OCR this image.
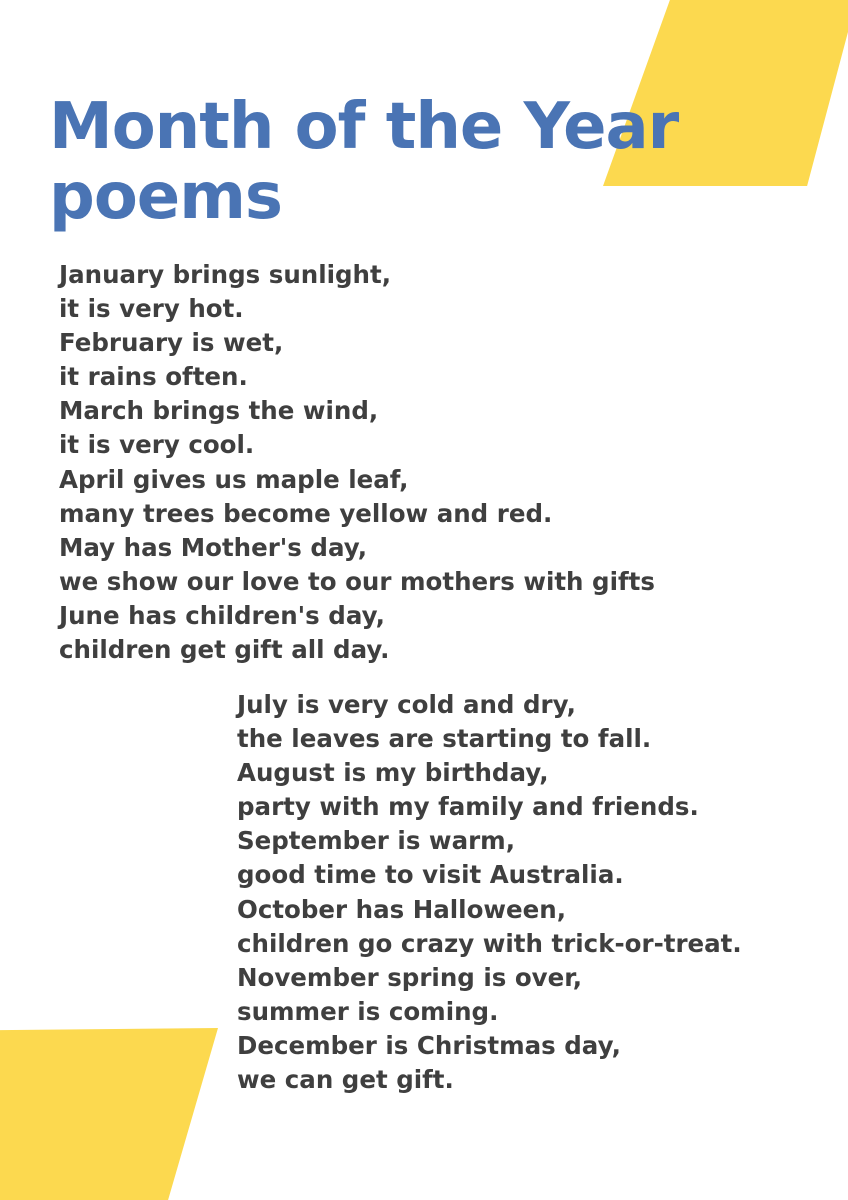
Month of the Year
poems
January brings sunlight,
it is very hot.
February is wet,
it rains often.
March brings the wind,
it is very cool.
April gives us maple leaf,
many trees become yellow and red.
May has Mother's day,
we show our love to our mothers with gifts
June has children's day,
children get gift all day.
July is very cold and dry,
the leaves are starting to fall.
August is my birthday,
party with my family and friends.
September is warm,
good time to visit Australia.
October has Halloween,
children go crazy with trick-or-treat.
November spring is over,
summer is coming.
December is Christmas day,
we can get gift.
